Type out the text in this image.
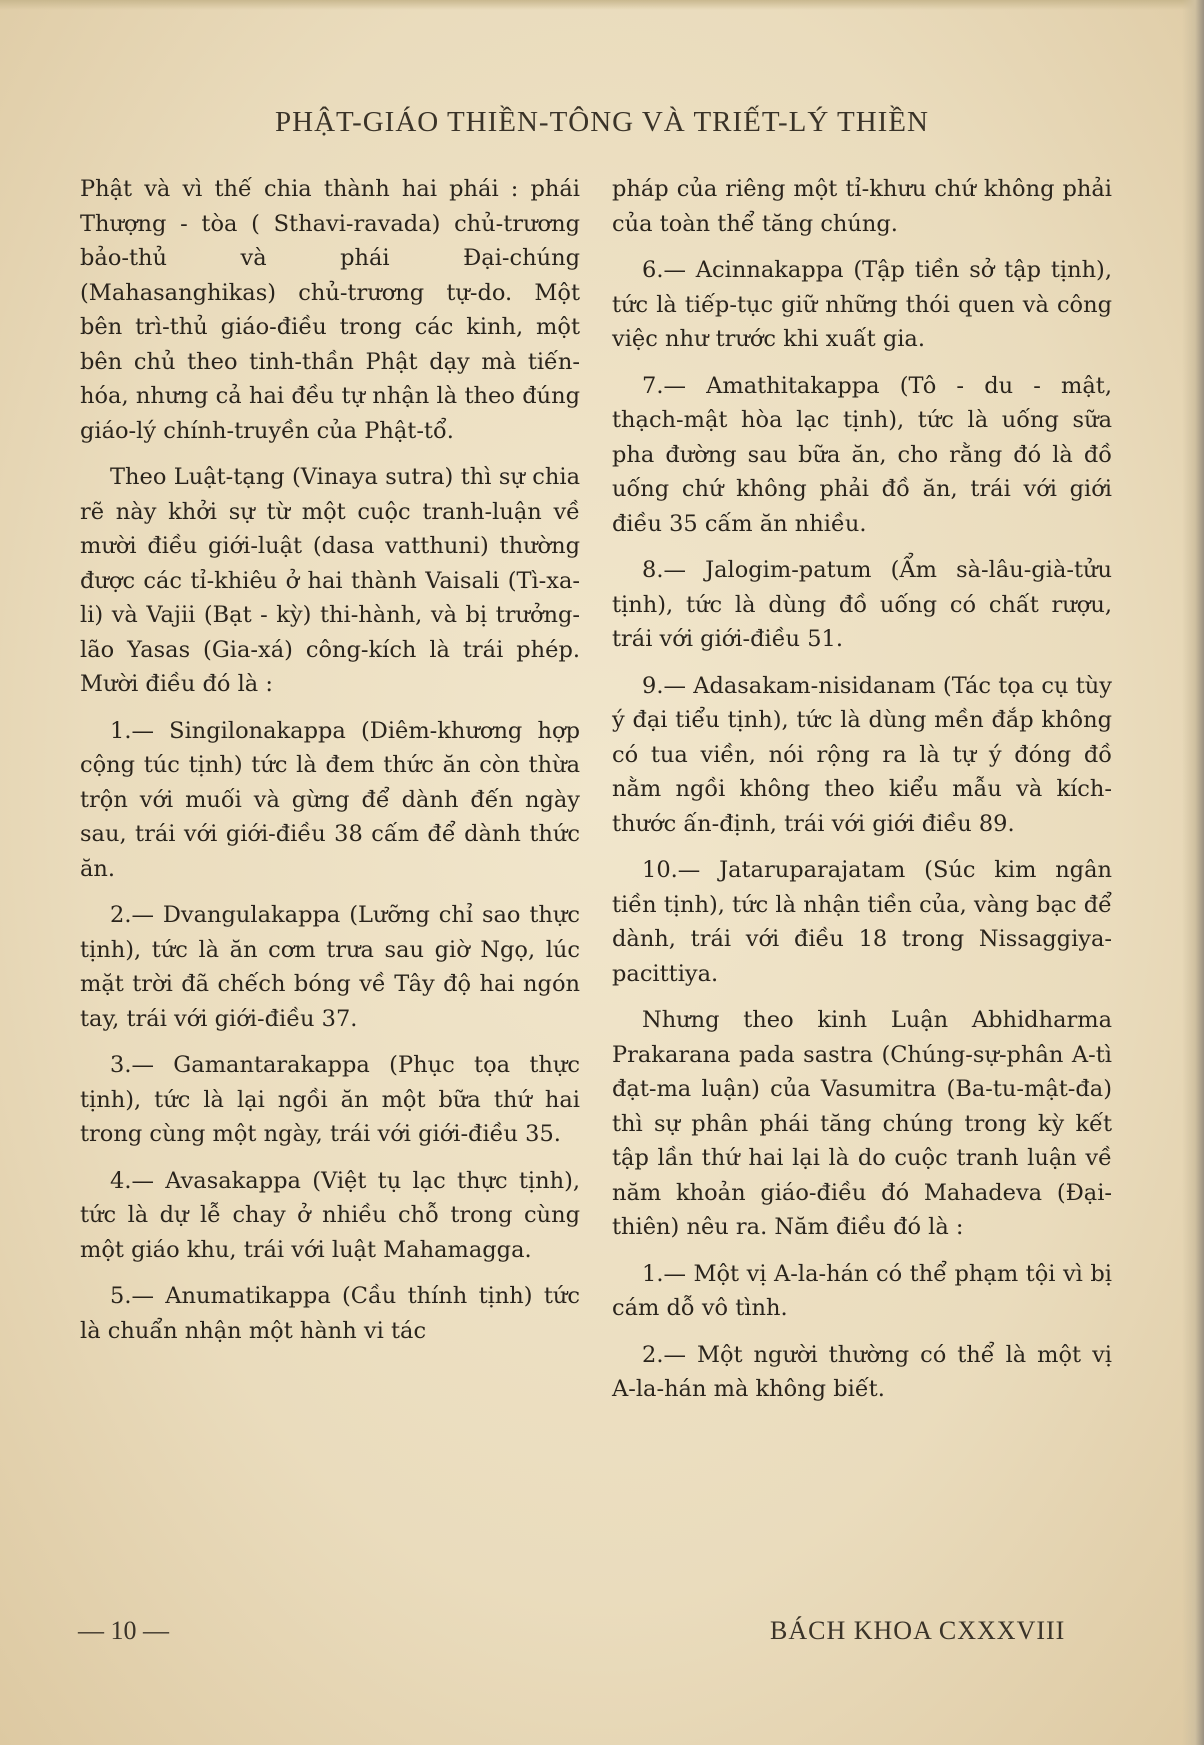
PHẬT-GIÁO THIỀN-TÔNG VÀ TRIẾT-LÝ THIỀN

Phật và vì thế chia thành hai phái : phái Thượng - tòa ( Sthavi-ravada) chủ-trương bảo-thủ và phái Đại-chúng (Mahasanghikas) chủ-trương tự-do. Một bên trì-thủ giáo-điều trong các kinh, một bên chủ theo tinh-thần Phật dạy mà tiến-hóa, nhưng cả hai đều tự nhận là theo đúng giáo-lý chính-truyền của Phật-tổ.

Theo Luật-tạng (Vinaya sutra) thì sự chia rẽ này khởi sự từ một cuộc tranh-luận về mười điều giới-luật (dasa vatthuni) thường được các tỉ-khiêu ở hai thành Vaisali (Tì-xa-li) và Vajii (Bạt - kỳ) thi-hành, và bị trưởng-lão Yasas (Gia-xá) công-kích là trái phép. Mười điều đó là :

1.— Singilonakappa (Diêm-khương hợp cộng túc tịnh) tức là đem thức ăn còn thừa trộn với muối và gừng để dành đến ngày sau, trái với giới-điều 38 cấm để dành thức ăn.

2.— Dvangulakappa (Lưỡng chỉ sao thực tịnh), tức là ăn cơm trưa sau giờ Ngọ, lúc mặt trời đã chếch bóng về Tây độ hai ngón tay, trái với giới-điều 37.

3.— Gamantarakappa (Phục tọa thực tịnh), tức là lại ngồi ăn một bữa thứ hai trong cùng một ngày, trái với giới-điều 35.

4.— Avasakappa (Việt tụ lạc thực tịnh), tức là dự lễ chay ở nhiều chỗ trong cùng một giáo khu, trái với luật Mahamagga.

5.— Anumatikappa (Cầu thính tịnh) tức là chuẩn nhận một hành vi tác

pháp của riêng một tỉ-khưu chứ không phải của toàn thể tăng chúng.

6.— Acinnakappa (Tập tiền sở tập tịnh), tức là tiếp-tục giữ những thói quen và công việc như trước khi xuất gia.

7.— Amathitakappa (Tô - du - mật, thạch-mật hòa lạc tịnh), tức là uống sữa pha đường sau bữa ăn, cho rằng đó là đồ uống chứ không phải đồ ăn, trái với giới điều 35 cấm ăn nhiều.

8.— Jalogim-patum (Ẩm sà-lâu-già-tửu tịnh), tức là dùng đồ uống có chất rượu, trái với giới-điều 51.

9.— Adasakam-nisidanam (Tác tọa cụ tùy ý đại tiểu tịnh), tức là dùng mền đắp không có tua viền, nói rộng ra là tự ý đóng đồ nằm ngồi không theo kiểu mẫu và kích-thước ấn-định, trái với giới điều 89.

10.— Jataruparajatam (Súc kim ngân tiền tịnh), tức là nhận tiền của, vàng bạc để dành, trái với điều 18 trong Nissaggiya-pacittiya.

Nhưng theo kinh Luận Abhidharma Prakarana pada sastra (Chúng-sự-phân A-tì đạt-ma luận) của Vasumitra (Ba-tu-mật-đa) thì sự phân phái tăng chúng trong kỳ kết tập lần thứ hai lại là do cuộc tranh luận về năm khoản giáo-điều đó Mahadeva (Đại-thiên) nêu ra. Năm điều đó là :

1.— Một vị A-la-hán có thể phạm tội vì bị cám dỗ vô tình.

2.— Một người thường có thể là một vị A-la-hán mà không biết.

— 10 —	BÁCH KHOA CXXXVIII
